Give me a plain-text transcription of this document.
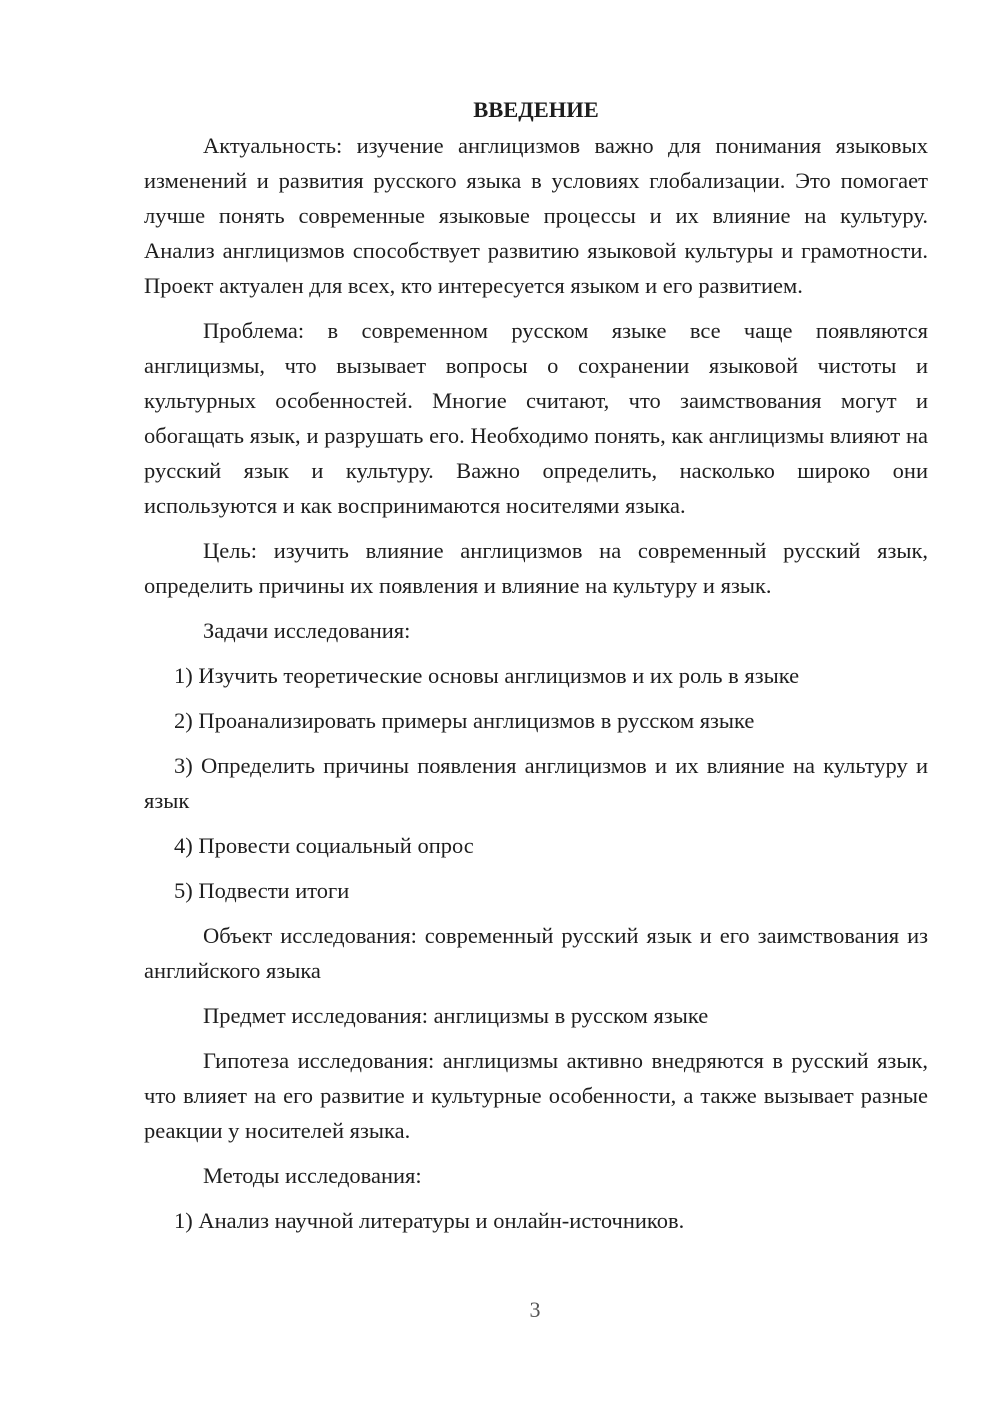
ВВЕДЕНИЕ

Актуальность: изучение англицизмов важно для понимания языковых изменений и развития русского языка в условиях глобализации. Это помогает лучше понять современные языковые процессы и их влияние на культуру. Анализ англицизмов способствует развитию языковой культуры и грамотности. Проект актуален для всех, кто интересуется языком и его развитием.

Проблема: в современном русском языке все чаще появляются англицизмы, что вызывает вопросы о сохранении языковой чистоты и культурных особенностей. Многие считают, что заимствования могут и обогащать язык, и разрушать его. Необходимо понять, как англицизмы влияют на русский язык и культуру. Важно определить, насколько широко они используются и как воспринимаются носителями языка.

Цель: изучить влияние англицизмов на современный русский язык, определить причины их появления и влияние на культуру и язык.

Задачи исследования:

1) Изучить теоретические основы англицизмов и их роль в языке

2) Проанализировать примеры англицизмов в русском языке

3) Определить причины появления англицизмов и их влияние на культуру и язык

4) Провести социальный опрос

5) Подвести итоги

Объект исследования: современный русский язык и его заимствования из английского языка

Предмет исследования: англицизмы в русском языке

Гипотеза исследования: англицизмы активно внедряются в русский язык, что влияет на его развитие и культурные особенности, а также вызывает разные реакции у носителей языка.

Методы исследования:

1) Анализ научной литературы и онлайн-источников.

3
